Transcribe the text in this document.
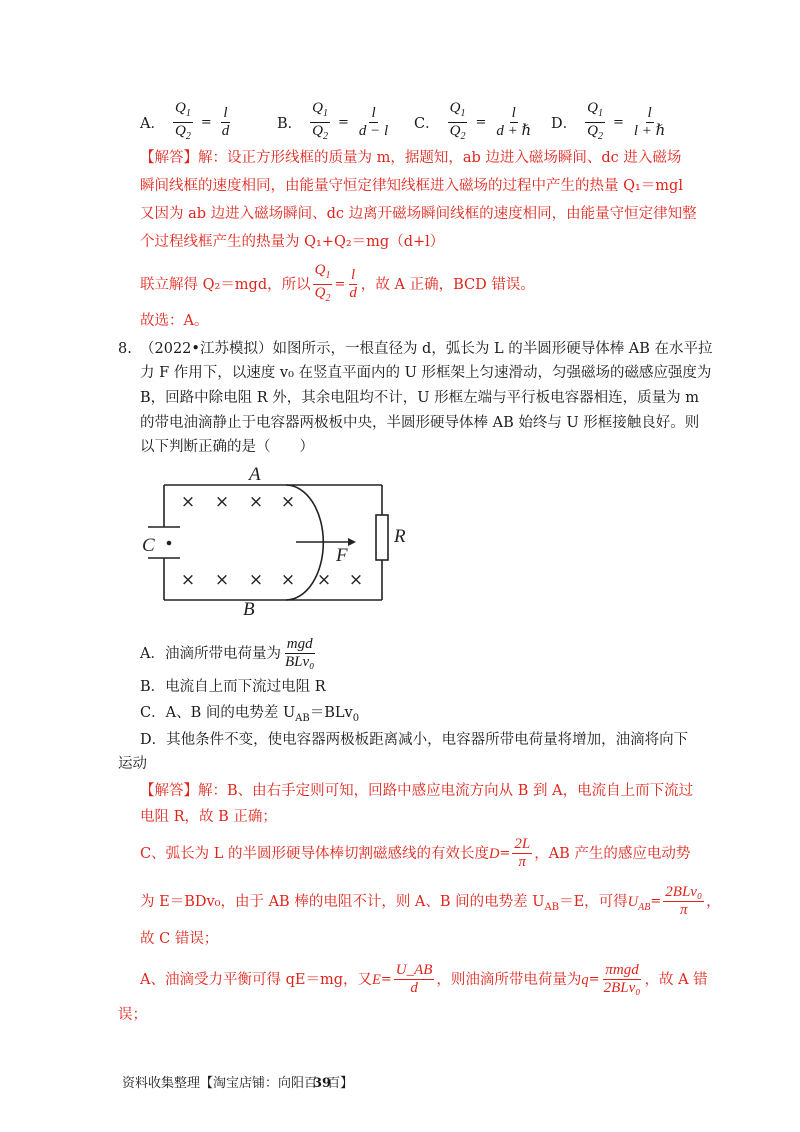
A． $\frac{Q_1}{Q_2} = \frac{l}{d}$	B． $\frac{Q_1}{Q_2} = \frac{l}{d - l}$ C． $\frac{Q_1}{Q_2} = \frac{l}{\text{d + ℏ}}$ D． $\frac{Q_1}{Q_2} = \frac{l}{\text{l + ℏ}}$
【解答】解：设正方形线框的质量为 m，据题知，ab 边进入磁场瞬间、dc 进入磁场
瞬间线框的速度相同，由能量守恒定律知线框进入磁场的过程中产生的热量 Q₁＝mgl
又因为 ab 边进入磁场瞬间、dc 边离开磁场瞬间线框的速度相同，由能量守恒定律知整
个过程线框产生的热量为 Q₁+Q₂＝mg（d+l）
联立解得 Q₂＝mgd，所以 $\frac{Q_1}{Q_2} = \frac{l}{d}$ ，故 A 正确，BCD 错误。
故选：A。
8. （2022•江苏模拟）如图所示，一根直径为 d，弧长为 L 的半圆形硬导体棒 AB 在水平拉
力 F 作用下，以速度 v₀ 在竖直平面内的 U 形框架上匀速滑动，匀强磁场的磁感应强度为
B，回路中除电阻 R 外，其余电阻均不计，U 形框左端与平行板电容器相连，质量为 m
的带电油滴静止于电容器两极板中央，半圆形硬导体棒 AB 始终与 U 形框接触良好。则
以下判断正确的是（　　）
× × × ×
× × × × × ×
A
B
C	F
R
A．油滴所带电荷量为 $\frac{\text{mgd}}{\text{BLv₀}}$
B．电流自上而下流过电阻 R
C．A、B 间的电势差 $U_{AB}=BLv_0$
D．其他条件不变，使电容器两极板距离减小，电容器所带电荷量将增加，油滴将向下
运动
【解答】解：B、由右手定则可知，回路中感应电流方向从 B 到 A，电流自上而下流过
电阻 R，故 B 正确；
C、弧长为 L 的半圆形硬导体棒切割磁感线的有效长度 $D = \frac{2L}{\pi}$ ，AB 产生的感应电动势
为 E＝BDv₀，由于 AB 棒的电阻不计，则 A、B 间的电势差 $U_{AB} =E$，可得 $U_{AB} = \frac{\text{2BLv₀}}{\pi}$ ，
故 C 错误；
A、油滴受力平衡可得 qE＝mg，又 $E = \frac{U\_AB}{d}$ ，则油滴所带电荷量为 $q = \frac{\text{πmgd}}{\text{2BLv₀}}$ ，故 A 错
误；
资料收集整理【淘宝店铺：向阳百39百】
